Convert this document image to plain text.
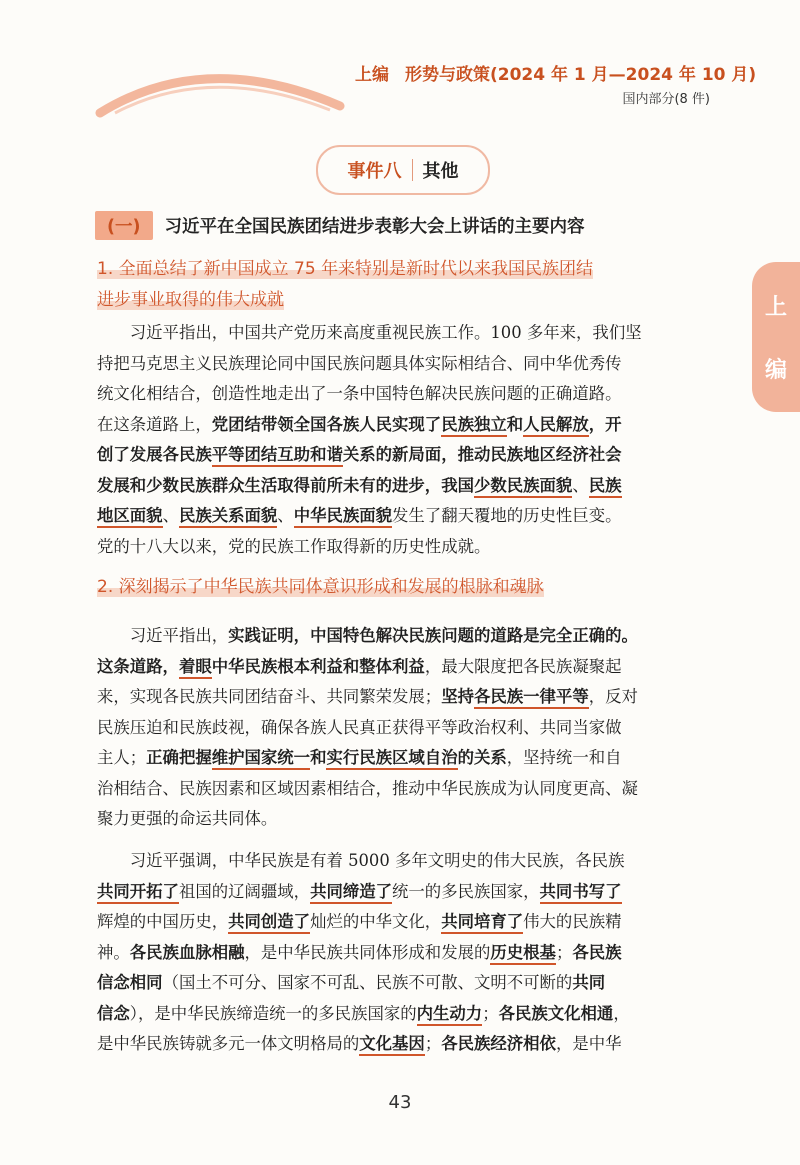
上编 形势与政策(2024 年 1 月—2024 年 10 月)
国内部分(8 件)
上
编
事件八 其他
(一)	习近平在全国民族团结进步表彰大会上讲话的主要内容
1. 全面总结了新中国成立 75 年来特别是新时代以来我国民族团结
进步事业取得的伟大成就
　　习近平指出，中国共产党历来高度重视民族工作。100 多年来，我们坚
持把马克思主义民族理论同中国民族问题具体实际相结合、同中华优秀传
统文化相结合，创造性地走出了一条中国特色解决民族问题的正确道路。
在这条道路上，党团结带领全国各族人民实现了民族独立和人民解放，开
创了发展各民族平等团结互助和谐关系的新局面，推动民族地区经济社会
发展和少数民族群众生活取得前所未有的进步，我国少数民族面貌、民族
地区面貌、民族关系面貌、中华民族面貌发生了翻天覆地的历史性巨变。
党的十八大以来，党的民族工作取得新的历史性成就。
2. 深刻揭示了中华民族共同体意识形成和发展的根脉和魂脉
　　习近平指出，实践证明，中国特色解决民族问题的道路是完全正确的。
这条道路，着眼中华民族根本利益和整体利益，最大限度把各民族凝聚起
来，实现各民族共同团结奋斗、共同繁荣发展；坚持各民族一律平等，反对
民族压迫和民族歧视，确保各族人民真正获得平等政治权利、共同当家做
主人；正确把握维护国家统一和实行民族区域自治的关系，坚持统一和自
治相结合、民族因素和区域因素相结合，推动中华民族成为认同度更高、凝
聚力更强的命运共同体。
　　习近平强调，中华民族是有着 5000 多年文明史的伟大民族，各民族
共同开拓了祖国的辽阔疆域，共同缔造了统一的多民族国家，共同书写了
辉煌的中国历史，共同创造了灿烂的中华文化，共同培育了伟大的民族精
神。各民族血脉相融，是中华民族共同体形成和发展的历史根基；各民族
信念相同（国土不可分、国家不可乱、民族不可散、文明不可断的共同
信念），是中华民族缔造统一的多民族国家的内生动力；各民族文化相通，
是中华民族铸就多元一体文明格局的文化基因；各民族经济相依，是中华
43
